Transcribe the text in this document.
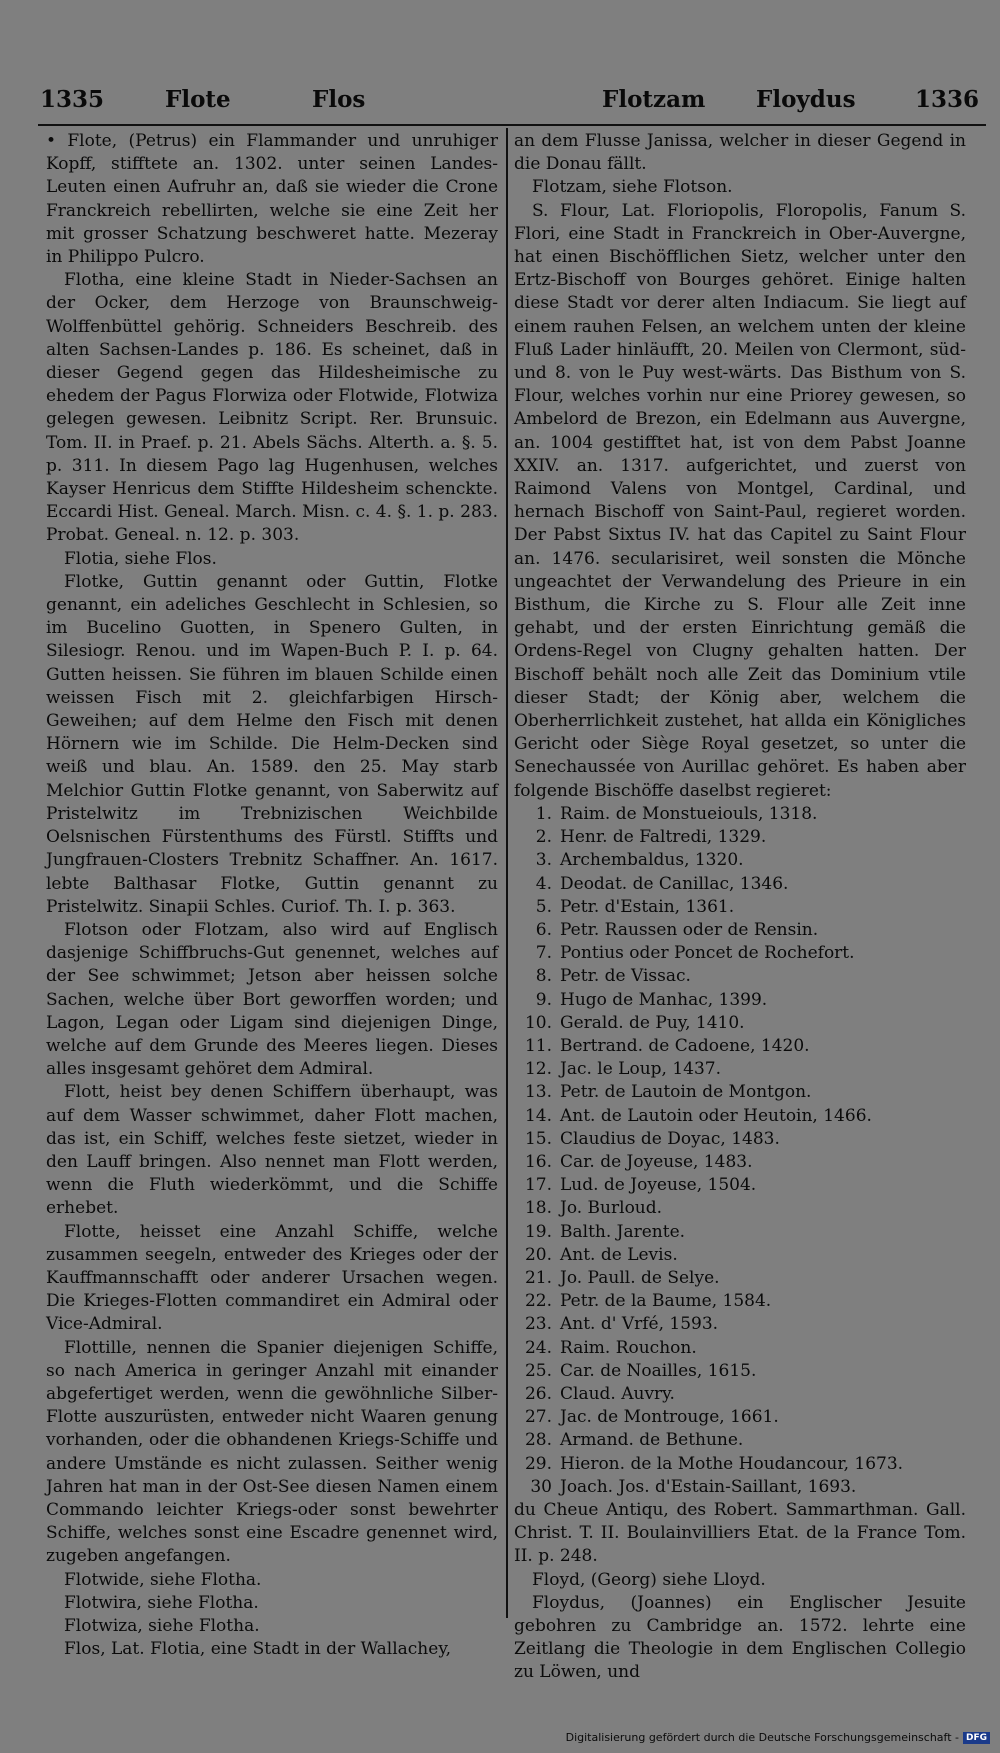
1335	Flote	Flos	Flotzam Floydus	1336

• Flote, (Petrus) ein Flammander und unruhiger Kopff, stifftete an. 1302. unter seinen Landes-Leuten einen Aufruhr an, daß sie wieder die Crone Franckreich rebellirten, welche sie eine Zeit her mit grosser Schatzung beschweret hatte. Mezeray in Philippo Pulcro.

Flotha, eine kleine Stadt in Nieder-Sachsen an der Ocker, dem Herzoge von Braunschweig-Wolffenbüttel gehörig. Schneiders Beschreib. des alten Sachsen-Landes p. 186. Es scheinet, daß in dieser Gegend gegen das Hildesheimische zu ehedem der Pagus Florwiza oder Flotwide, Flotwiza gelegen gewesen. Leibnitz Script. Rer. Brunsuic. Tom. II. in Praef. p. 21. Abels Sächs. Alterth. a. §. 5. p. 311. In diesem Pago lag Hugenhusen, welches Kayser Henricus dem Stiffte Hildesheim schenckte. Eccardi Hist. Geneal. March. Misn. c. 4. §. 1. p. 283. Probat. Geneal. n. 12. p. 303.

Flotia, siehe Flos.

Flotke, Guttin genannt oder Guttin, Flotke genannt, ein adeliches Geschlecht in Schlesien, so im Bucelino Guotten, in Spenero Gulten, in Silesiogr. Renou. und im Wapen-Buch P. I. p. 64. Gutten heissen. Sie führen im blauen Schilde einen weissen Fisch mit 2. gleichfarbigen Hirsch-Geweihen; auf dem Helme den Fisch mit denen Hörnern wie im Schilde. Die Helm-Decken sind weiß und blau. An. 1589. den 25. May starb Melchior Guttin Flotke genannt, von Saberwitz auf Pristelwitz im Trebnizischen Weichbilde Oelsnischen Fürstenthums des Fürstl. Stiffts und Jungfrauen-Closters Trebnitz Schaffner. An. 1617. lebte Balthasar Flotke, Guttin genannt zu Pristelwitz. Sinapii Schles. Curiof. Th. I. p. 363.

Flotson oder Flotzam, also wird auf Englisch dasjenige Schiffbruchs-Gut genennet, welches auf der See schwimmet; Jetson aber heissen solche Sachen, welche über Bort geworffen worden; und Lagon, Legan oder Ligam sind diejenigen Dinge, welche auf dem Grunde des Meeres liegen. Dieses alles insgesamt gehöret dem Admiral.

Flott, heist bey denen Schiffern überhaupt, was auf dem Wasser schwimmet, daher Flott machen, das ist, ein Schiff, welches feste sietzet, wieder in den Lauff bringen. Also nennet man Flott werden, wenn die Fluth wiederkömmt, und die Schiffe erhebet.

Flotte, heisset eine Anzahl Schiffe, welche zusammen seegeln, entweder des Krieges oder der Kauffmannschafft oder anderer Ursachen wegen. Die Krieges-Flotten commandiret ein Admiral oder Vice-Admiral.

Flottille, nennen die Spanier diejenigen Schiffe, so nach America in geringer Anzahl mit einander abgefertiget werden, wenn die gewöhnliche Silber-Flotte auszurüsten, entweder nicht Waaren genung vorhanden, oder die obhandenen Kriegs-Schiffe und andere Umstände es nicht zulassen. Seither wenig Jahren hat man in der Ost-See diesen Namen einem Commando leichter Kriegs-oder sonst bewehrter Schiffe, welches sonst eine Escadre genennet wird, zugeben angefangen.

Flotwide, siehe Flotha.

Flotwira, siehe Flotha.

Flotwiza, siehe Flotha.

Flos, Lat. Flotia, eine Stadt in der Wallachey,

an dem Flusse Janissa, welcher in dieser Gegend in die Donau fällt.

Flotzam, siehe Flotson.

S. Flour, Lat. Floriopolis, Floropolis, Fanum S. Flori, eine Stadt in Franckreich in Ober-Auvergne, hat einen Bischöfflichen Sietz, welcher unter den Ertz-Bischoff von Bourges gehöret. Einige halten diese Stadt vor derer alten Indiacum. Sie liegt auf einem rauhen Felsen, an welchem unten der kleine Fluß Lader hinläufft, 20. Meilen von Clermont, süd-und 8. von le Puy west-wärts. Das Bisthum von S. Flour, welches vorhin nur eine Priorey gewesen, so Ambelord de Brezon, ein Edelmann aus Auvergne, an. 1004 gestifftet hat, ist von dem Pabst Joanne XXIV. an. 1317. aufgerichtet, und zuerst von Raimond Valens von Montgel, Cardinal, und hernach Bischoff von Saint-Paul, regieret worden. Der Pabst Sixtus IV. hat das Capitel zu Saint Flour an. 1476. secularisiret, weil sonsten die Mönche ungeachtet der Verwandelung des Prieure in ein Bisthum, die Kirche zu S. Flour alle Zeit inne gehabt, und der ersten Einrichtung gemäß die Ordens-Regel von Clugny gehalten hatten. Der Bischoff behält noch alle Zeit das Dominium vtile dieser Stadt; der König aber, welchem die Oberherrlichkeit zustehet, hat allda ein Königliches Gericht oder Siège Royal gesetzet, so unter die Senechaussée von Aurillac gehöret. Es haben aber folgende Bischöffe daselbst regieret:

1. Raim. de Monstueiouls, 1318.
2. Henr. de Faltredi, 1329.
3. Archembaldus, 1320.
4. Deodat. de Canillac, 1346.
5. Petr. d'Estain, 1361.
6. Petr. Raussen oder de Rensin.
7. Pontius oder Poncet de Rochefort.
8. Petr. de Vissac.
9. Hugo de Manhac, 1399.
10. Gerald. de Puy, 1410.
11. Bertrand. de Cadoene, 1420.
12. Jac. le Loup, 1437.
13. Petr. de Lautoin de Montgon.
14. Ant. de Lautoin oder Heutoin, 1466.
15. Claudius de Doyac, 1483.
16. Car. de Joyeuse, 1483.
17. Lud. de Joyeuse, 1504.
18. Jo. Burloud.
19. Balth. Jarente.
20. Ant. de Levis.
21. Jo. Paull. de Selye.
22. Petr. de la Baume, 1584.
23. Ant. d' Vrfé, 1593.
24. Raim. Rouchon.
25. Car. de Noailles, 1615.
26. Claud. Auvry.
27. Jac. de Montrouge, 1661.
28. Armand. de Bethune.
29. Hieron. de la Mothe Houdancour, 1673.
30 Joach. Jos. d'Estain-Saillant, 1693.

du Cheue Antiqu, des Robert. Sammarthman. Gall. Christ. T. II. Boulainvilliers Etat. de la France Tom. II. p. 248.

Floyd, (Georg) siehe Lloyd.

Floydus, (Joannes) ein Englischer Jesuite gebohren zu Cambridge an. 1572. lehrte eine Zeitlang die Theologie in dem Englischen Collegio zu Löwen, und

Digitalisierung gefördert durch die Deutsche Forschungsgemeinschaft - DFG
